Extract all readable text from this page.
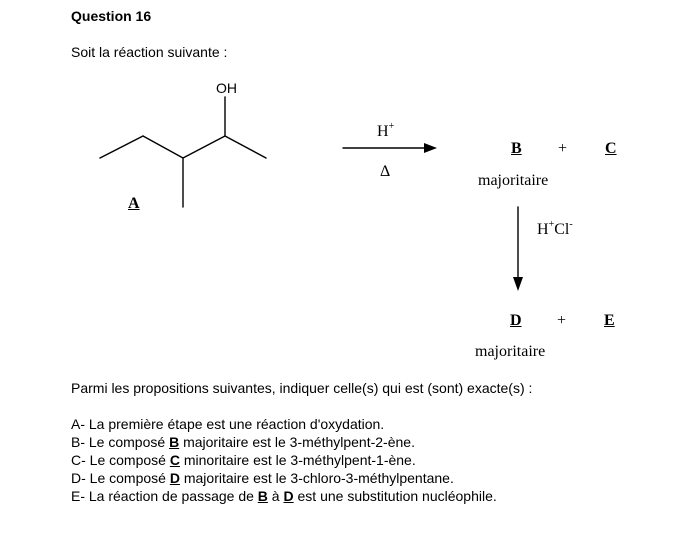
Question 16
Soit la réaction suivante :
OH
A
H+
Δ
B + C
majoritaire
H+Cl-
D + E
majoritaire
Parmi les propositions suivantes, indiquer celle(s) qui est (sont) exacte(s) :
A- La première étape est une réaction d'oxydation.
B- Le composé B majoritaire est le 3-méthylpent-2-ène.
C- Le composé C minoritaire est le 3-méthylpent-1-ène.
D- Le composé D majoritaire est le 3-chloro-3-méthylpentane.
E- La réaction de passage de B à D est une substitution nucléophile.
